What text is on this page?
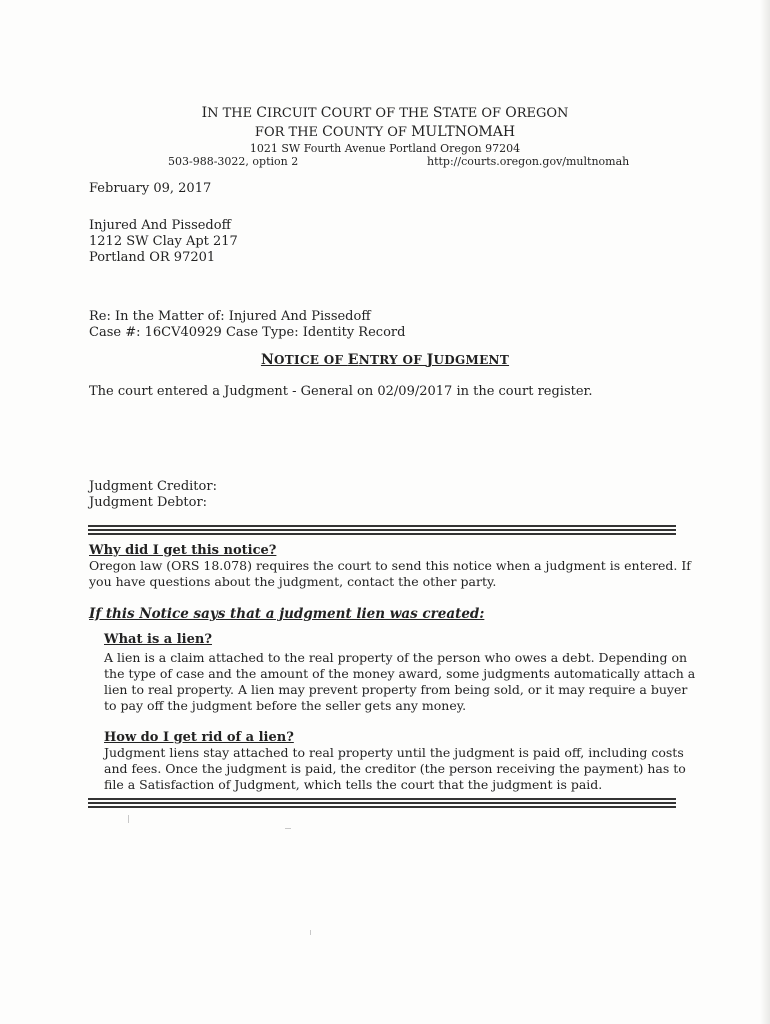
IN THE CIRCUIT COURT OF THE STATE OF OREGON
FOR THE COUNTY OF MULTNOMAH
1021 SW Fourth Avenue Portland Oregon 97204
503-988-3022, option 2	http://courts.oregon.gov/multnomah
February 09, 2017
Injured And Pissedoff
1212 SW Clay Apt 217
Portland OR 97201
Re: In the Matter of: Injured And Pissedoff
Case #: 16CV40929 Case Type: Identity Record
NOTICE OF ENTRY OF JUDGMENT
The court entered a Judgment - General on 02/09/2017 in the court register.
Judgment Creditor:
Judgment Debtor:
Why did I get this notice?
Oregon law (ORS 18.078) requires the court to send this notice when a judgment is entered. If
you have questions about the judgment, contact the other party.
If this Notice says that a judgment lien was created:
What is a lien?
A lien is a claim attached to the real property of the person who owes a debt. Depending on
the type of case and the amount of the money award, some judgments automatically attach a
lien to real property. A lien may prevent property from being sold, or it may require a buyer
to pay off the judgment before the seller gets any money.
How do I get rid of a lien?
Judgment liens stay attached to real property until the judgment is paid off, including costs
and fees. Once the judgment is paid, the creditor (the person receiving the payment) has to
file a Satisfaction of Judgment, which tells the court that the judgment is paid.
